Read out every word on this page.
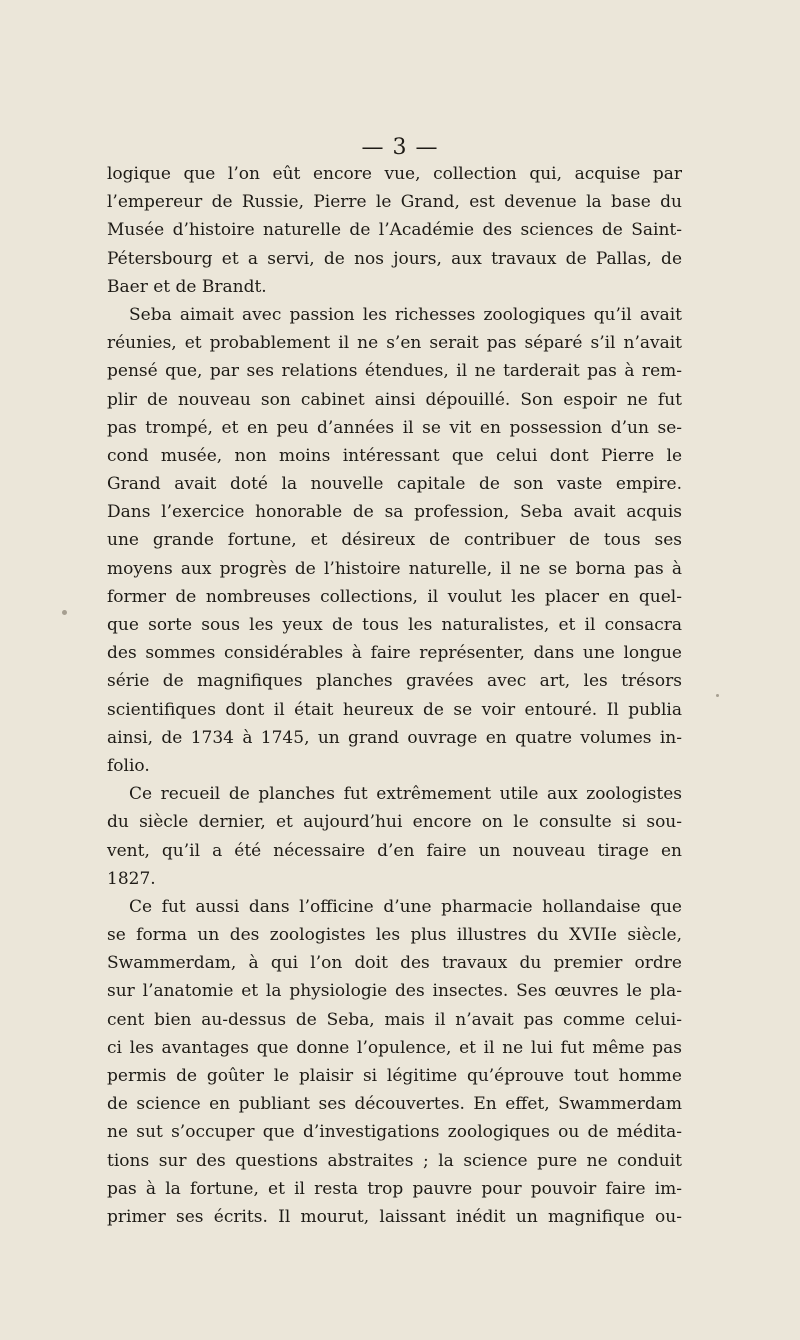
— 3 —
logique que l’on eût encore vue, collection qui, acquise par
l’empereur de Russie, Pierre le Grand, est devenue la base du
Musée d’histoire naturelle de l’Académie des sciences de Saint-
Pétersbourg et a servi, de nos jours, aux travaux de Pallas, de
Baer et de Brandt.
Seba aimait avec passion les richesses zoologiques qu’il avait
réunies, et probablement il ne s’en serait pas séparé s’il n’avait
pensé que, par ses relations étendues, il ne tarderait pas à rem-
plir de nouveau son cabinet ainsi dépouillé. Son espoir ne fut
pas trompé, et en peu d’années il se vit en possession d’un se-
cond musée, non moins intéressant que celui dont Pierre le
Grand avait doté la nouvelle capitale de son vaste empire.
Dans l’exercice honorable de sa profession, Seba avait acquis
une grande fortune, et désireux de contribuer de tous ses
moyens aux progrès de l’histoire naturelle, il ne se borna pas à
former de nombreuses collections, il voulut les placer en quel-
que sorte sous les yeux de tous les naturalistes, et il consacra
des sommes considérables à faire représenter, dans une longue
série de magnifiques planches gravées avec art, les trésors
scientifiques dont il était heureux de se voir entouré. Il publia
ainsi, de 1734 à 1745, un grand ouvrage en quatre volumes in-
folio.
Ce recueil de planches fut extrêmement utile aux zoologistes
du siècle dernier, et aujourd’hui encore on le consulte si sou-
vent, qu’il a été nécessaire d’en faire un nouveau tirage en
1827.
Ce fut aussi dans l’officine d’une pharmacie hollandaise que
se forma un des zoologistes les plus illustres du XVIIe siècle,
Swammerdam, à qui l’on doit des travaux du premier ordre
sur l’anatomie et la physiologie des insectes. Ses œuvres le pla-
cent bien au-dessus de Seba, mais il n’avait pas comme celui-
ci les avantages que donne l’opulence, et il ne lui fut même pas
permis de goûter le plaisir si légitime qu’éprouve tout homme
de science en publiant ses découvertes. En effet, Swammerdam
ne sut s’occuper que d’investigations zoologiques ou de médita-
tions sur des questions abstraites ; la science pure ne conduit
pas à la fortune, et il resta trop pauvre pour pouvoir faire im-
primer ses écrits. Il mourut, laissant inédit un magnifique ou-
